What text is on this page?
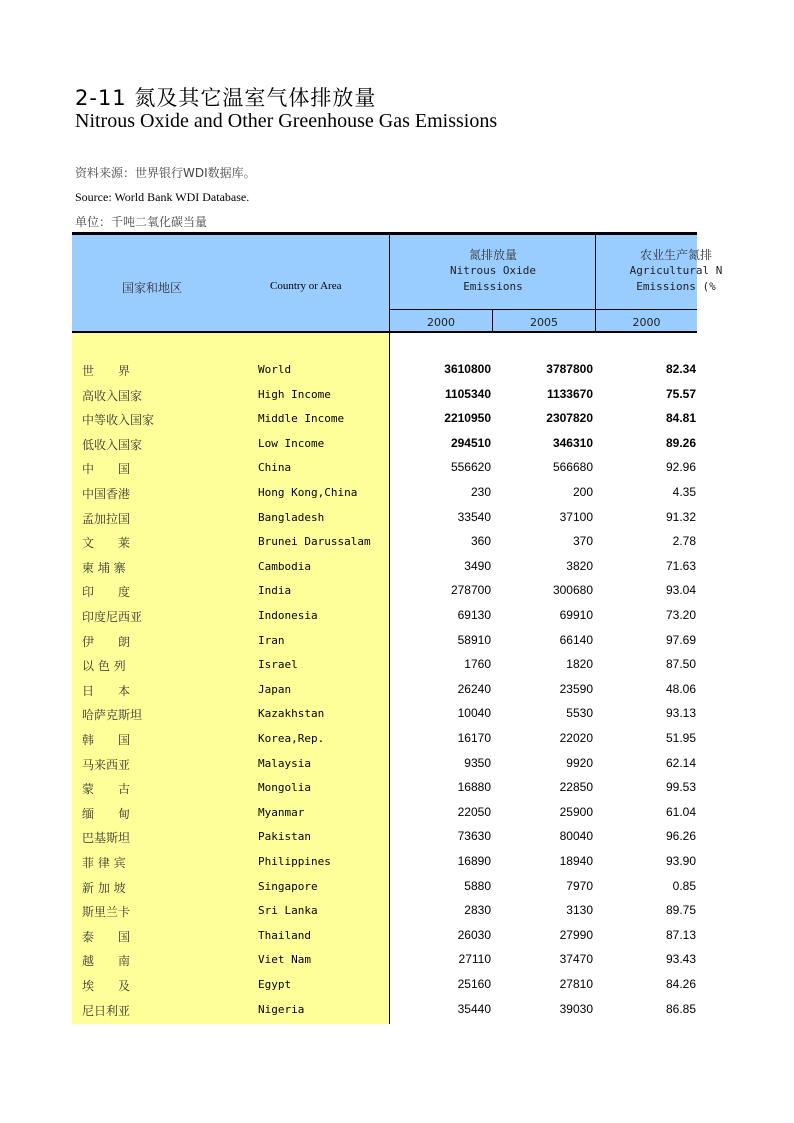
2-11 氮及其它温室气体排放量
Nitrous Oxide and Other Greenhouse Gas Emissions
资料来源：世界银行WDI数据库。
Source: World Bank WDI Database.
单位：千吨二氧化碳当量
国家和地区	Country or Area
氮排放量
Nitrous Oxide
Emissions
农业生产氮排
Agricultural N
Emissions (%
2000	2005	2000
世　　界	World	3610800	3787800	82.34
高收入国家	High Income	1105340	1133670	75.57
中等收入国家	Middle Income	2210950	2307820	84.81
低收入国家	Low Income	294510	346310	89.26
中　　国	China	556620	566680	92.96
中国香港	Hong Kong,China	230	200	4.35
孟加拉国	Bangladesh	33540	37100	91.32
文　　莱	Brunei Darussalam	360	370	2.78
柬 埔 寨	Cambodia	3490	3820	71.63
印　　度	India	278700	300680	93.04
印度尼西亚	Indonesia	69130	69910	73.20
伊　　朗	Iran	58910	66140	97.69
以 色 列	Israel	1760	1820	87.50
日　　本	Japan	26240	23590	48.06
哈萨克斯坦	Kazakhstan	10040	5530	93.13
韩　　国	Korea,Rep.	16170	22020	51.95
马来西亚	Malaysia	9350	9920	62.14
蒙　　古	Mongolia	16880	22850	99.53
缅　　甸	Myanmar	22050	25900	61.04
巴基斯坦	Pakistan	73630	80040	96.26
菲 律 宾	Philippines	16890	18940	93.90
新 加 坡	Singapore	5880	7970	0.85
斯里兰卡	Sri Lanka	2830	3130	89.75
泰　　国	Thailand	26030	27990	87.13
越　　南	Viet Nam	27110	37470	93.43
埃　　及	Egypt	25160	27810	84.26
尼日利亚	Nigeria	35440	39030	86.85
